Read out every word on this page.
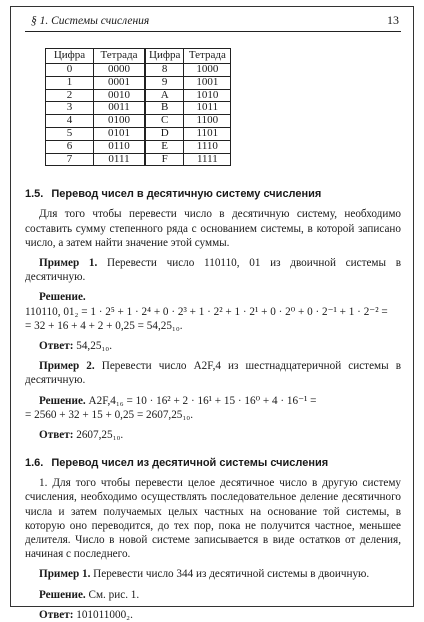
§ 1. Системы счисления	13
Цифра	Тетрада	Цифра	Тетрада
0	0000	8	1000
1	0001	9	1001
2	0010	A	1010
3	0011	B	1011
4	0100	C	1100
5	0101	D	1101
6	0110	E	1110
7	0111	F	1111
1.5. Перевод чисел в десятичную систему счисления

Для того чтобы перевести число в десятичную систему, необходимо составить сумму степенного ряда с основанием системы, в которой записано число, а затем найти значение этой суммы.

Пример 1. Перевести число 110110, 01 из двоичной системы в десятичную.

Решение.

110110, 01₂ = 1 · 2⁵ + 1 · 2⁴ + 0 · 2³ + 1 · 2² + 1 · 2¹ + 0 · 2⁰ + 0 · 2⁻¹ + 1 · 2⁻² =

= 32 + 16 + 4 + 2 + 0,25 = 54,25₁₀.

Ответ: 54,25₁₀.

Пример 2. Перевести число A2F,4 из шестнадцатеричной системы в десятичную.

Решение. A2F,4₁₆ = 10 · 16² + 2 · 16¹ + 15 · 16⁰ + 4 · 16⁻¹ =

= 2560 + 32 + 15 + 0,25 = 2607,25₁₀.

Ответ: 2607,25₁₀.

1.6. Перевод чисел из десятичной системы счисления

1. Для того чтобы перевести целое десятичное число в другую систему счисления, необходимо осуществлять последовательное деление десятичного числа и затем получаемых целых частных на основание той системы, в которую оно переводится, до тех пор, пока не получится частное, меньшее делителя. Число в новой системе записывается в виде остатков от деления, начиная с последнего.

Пример 1. Перевести число 344 из десятичной системы в двоичную.

Решение. См. рис. 1.

Ответ: 101011000₂.
